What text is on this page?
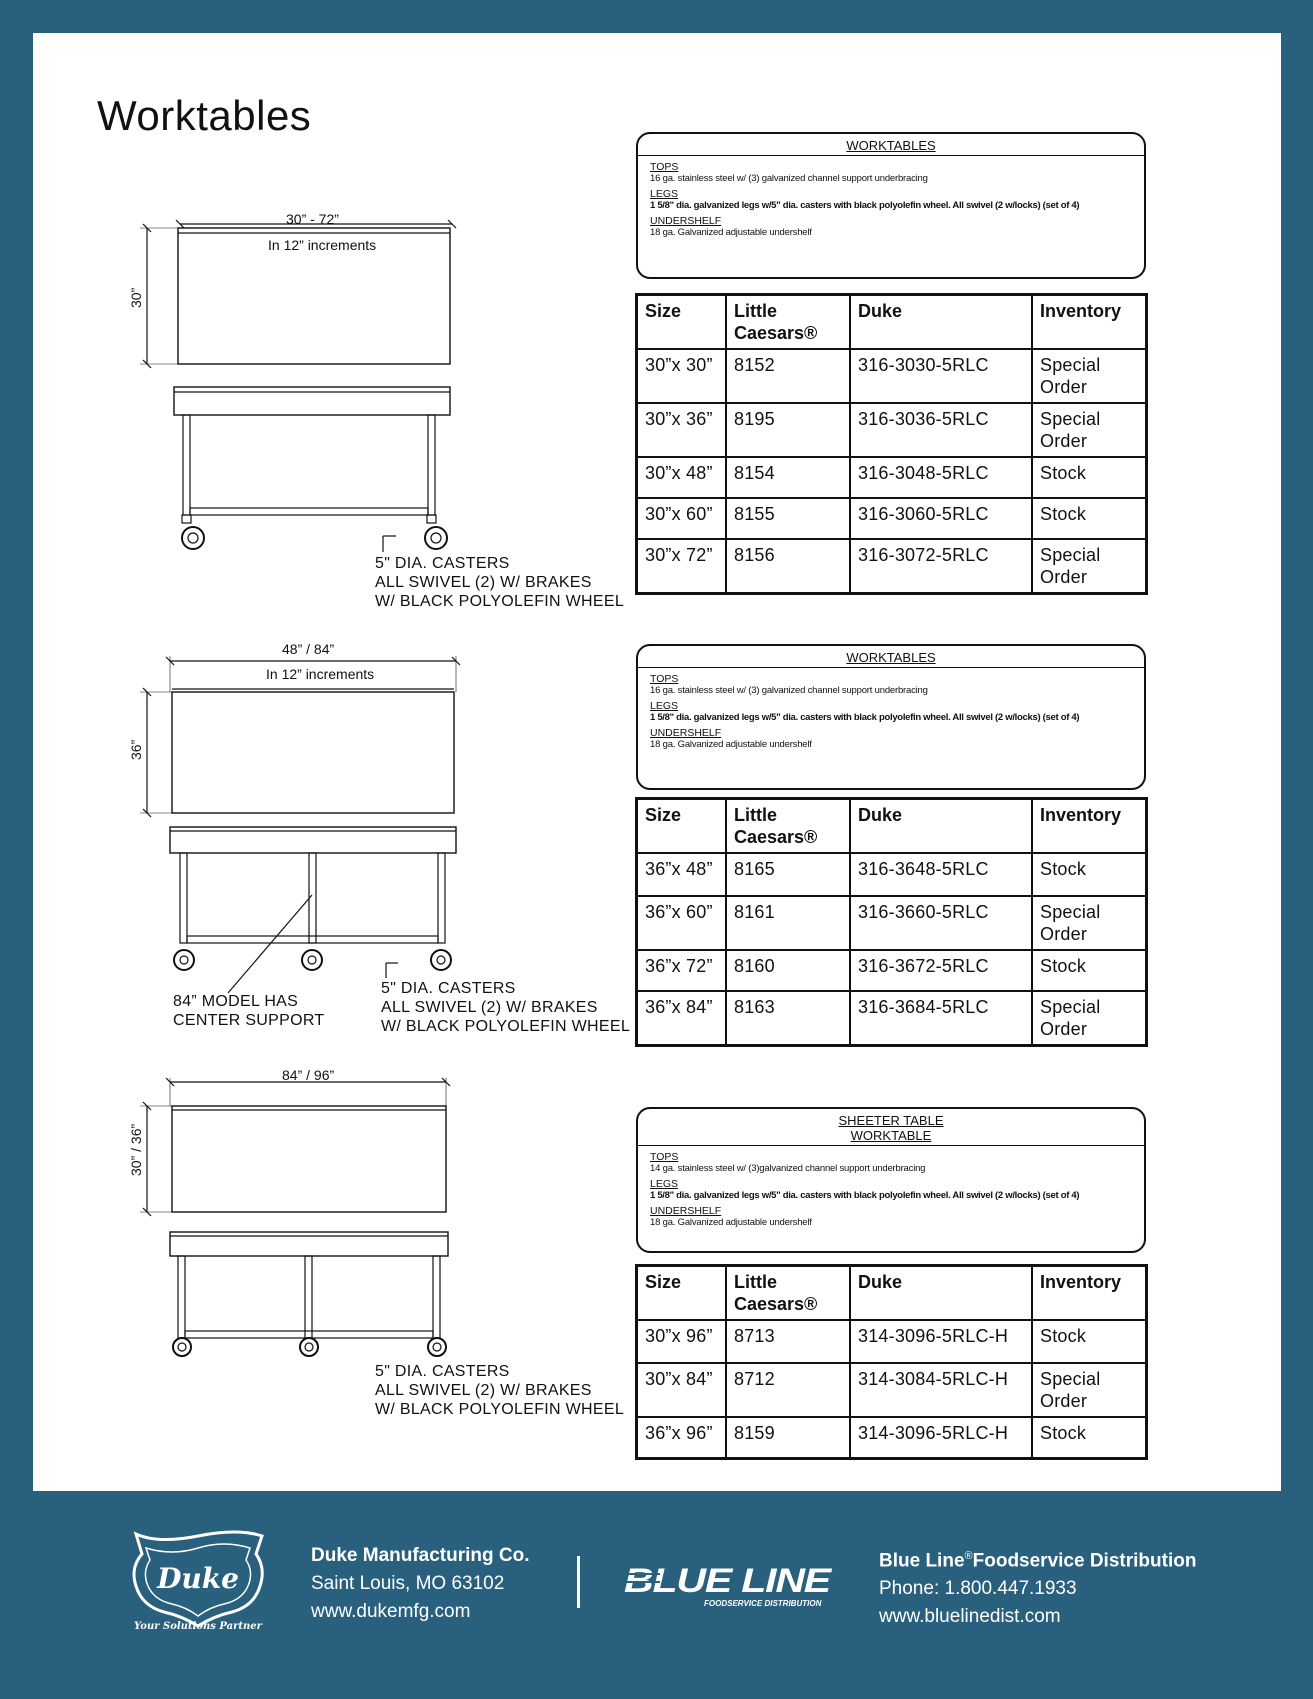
Worktables
30” - 72”
In 12” increments
30”
5" DIA. CASTERS
ALL SWIVEL (2) W/ BRAKES
W/ BLACK POLYOLEFIN WHEEL
48” / 84”
In 12” increments
36”
84” MODEL HAS
CENTER SUPPORT
5" DIA. CASTERS
ALL SWIVEL (2) W/ BRAKES
W/ BLACK POLYOLEFIN WHEEL
84” / 96”
30” / 36”
5" DIA. CASTERS
ALL SWIVEL (2) W/ BRAKES
W/ BLACK POLYOLEFIN WHEEL
WORKTABLES
TOPS
16 ga. stainless steel w/ (3) galvanized channel support underbracing
LEGS
1 5/8" dia. galvanized legs w/5" dia. casters with black polyolefin wheel. All swivel (2 w/locks) (set of 4)
UNDERSHELF
18 ga. Galvanized adjustable undershelf
WORKTABLES
TOPS
16 ga. stainless steel w/ (3) galvanized channel support underbracing
LEGS
1 5/8" dia. galvanized legs w/5" dia. casters with black polyolefin wheel. All swivel (2 w/locks) (set of 4)
UNDERSHELF
18 ga. Galvanized adjustable undershelf
SHEETER TABLE
WORKTABLE
TOPS
14 ga. stainless steel w/ (3)galvanized channel support underbracing
LEGS
1 5/8" dia. galvanized legs w/5" dia. casters with black polyolefin wheel. All swivel (2 w/locks) (set of 4)
UNDERSHELF
18 ga. Galvanized adjustable undershelf
Size	Little Caesars®	Duke	Inventory
30”x 30”	8152	316-3030-5RLC	Special Order
30”x 36”	8195	316-3036-5RLC	Special Order
30”x 48”	8154	316-3048-5RLC	Stock
30”x 60”	8155	316-3060-5RLC	Stock
30”x 72”	8156	316-3072-5RLC	Special Order
Size	Little Caesars®	Duke	Inventory
36”x 48”	8165	316-3648-5RLC	Stock
36”x 60”	8161	316-3660-5RLC	Special Order
36”x 72”	8160	316-3672-5RLC	Stock
36”x 84”	8163	316-3684-5RLC	Special Order
Size	Little Caesars®	Duke	Inventory
30”x 96”	8713	314-3096-5RLC-H	Stock
30”x 84”	8712	314-3084-5RLC-H	Special Order
36”x 96”	8159	314-3096-5RLC-H	Stock
Duke
Your Solutions Partner
Duke Manufacturing Co.
Saint Louis, MO 63102
www.dukemfg.com
BLUE LINE
FOODSERVICE DISTRIBUTION
Blue Line®Foodservice Distribution
Phone: 1.800.447.1933
www.bluelinedist.com
